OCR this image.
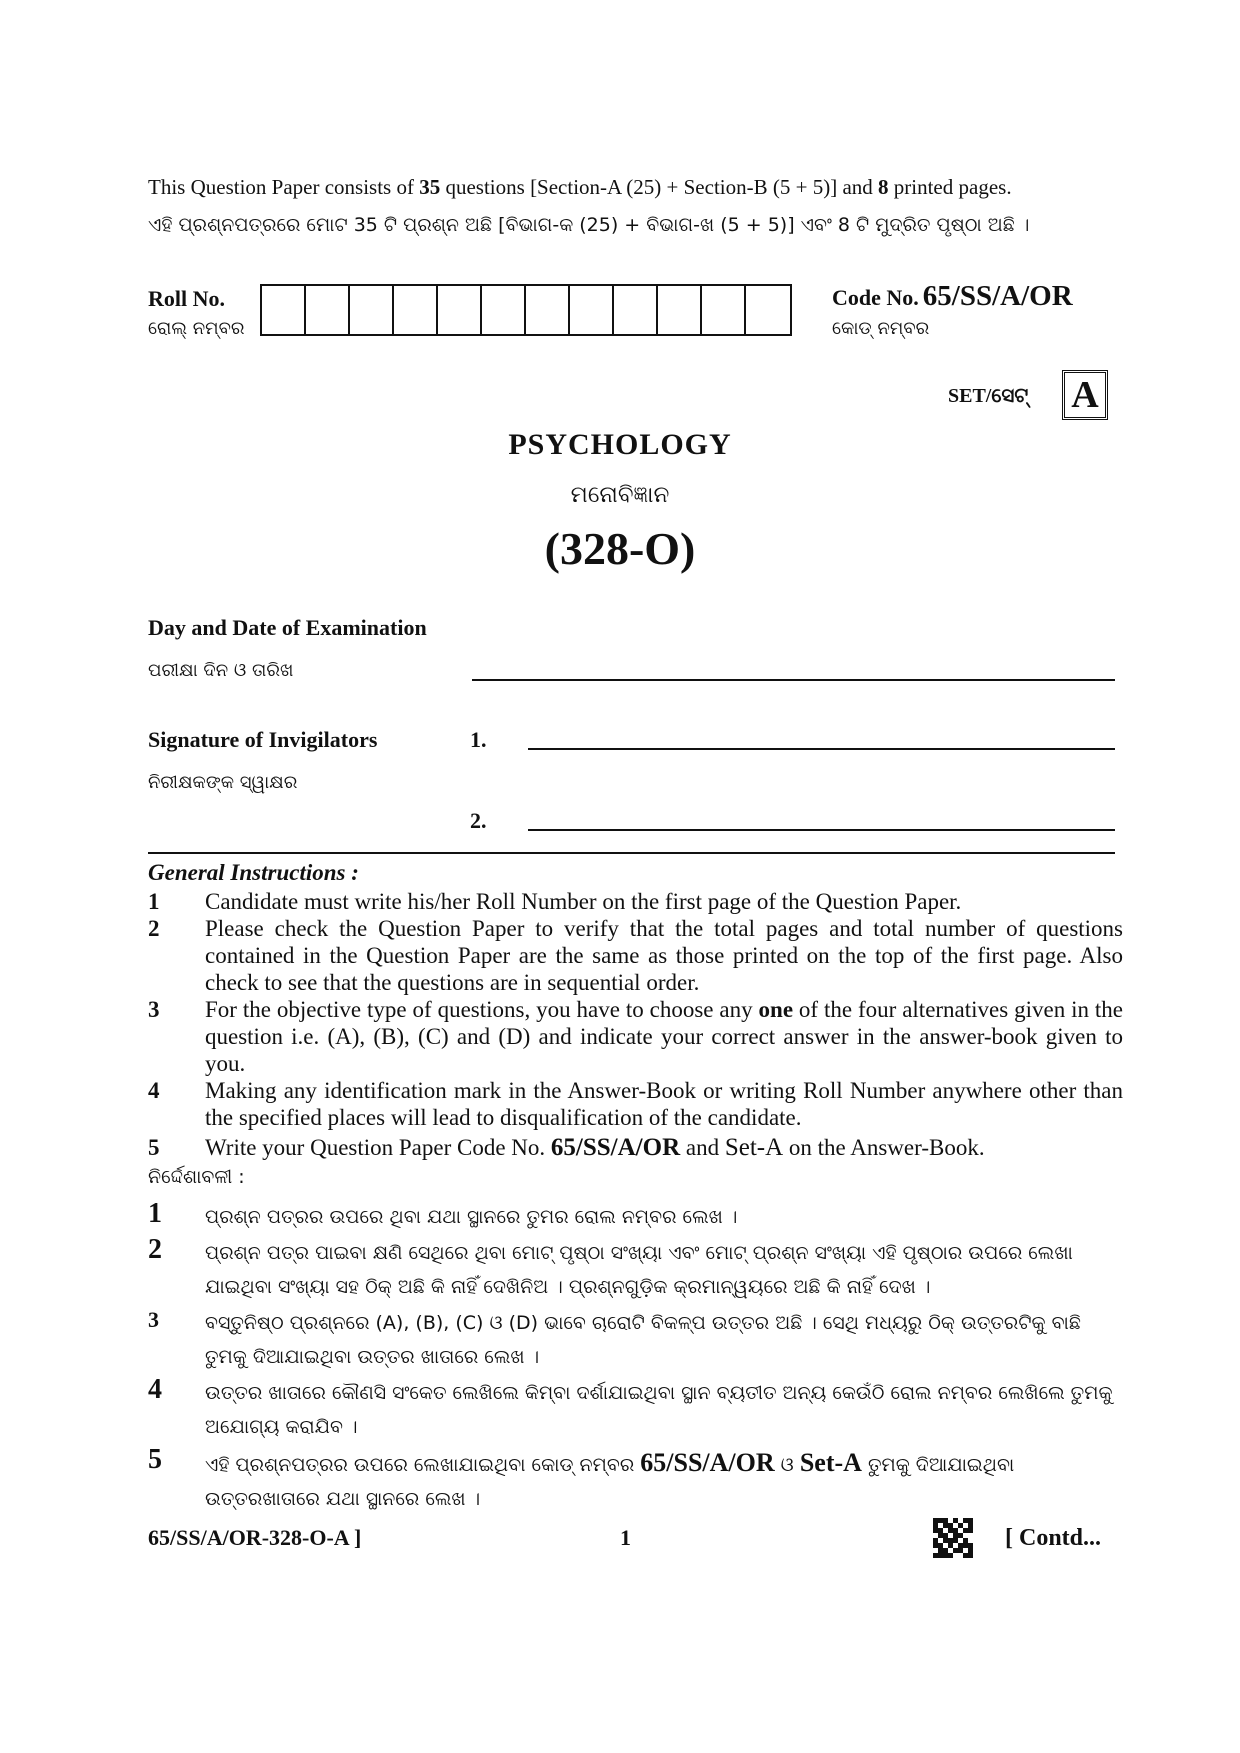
This Question Paper consists of 35 questions [Section-A (25) + Section-B (5 + 5)] and 8 printed pages.
ଏହି ପ୍ରଶ୍ନପତ୍ରରେ ମୋଟ 35 ଟି ପ୍ରଶ୍ନ ଅଛି [ବିଭାଗ-କ (25) + ବିଭାଗ-ଖ (5 + 5)] ଏବଂ 8 ଟି ମୁଦ୍ରିତ ପୃଷ୍ଠା ଅଛି ।
Roll No.
ରୋଲ୍ ନମ୍ବର
Code No. 65/SS/A/OR
କୋଡ୍ ନମ୍ବର
SET/ସେଟ୍ A
PSYCHOLOGY
ମନୋବିଜ୍ଞାନ
(328-O)
Day and Date of Examination
ପରୀକ୍ଷା ଦିନ ଓ ତାରିଖ
Signature of Invigilators	1.
ନିରୀକ୍ଷକଙ୍କ ସ୍ୱାକ୍ଷର
2.
General Instructions :
1 Candidate must write his/her Roll Number on the first page of the Question Paper.
2 Please check the Question Paper to verify that the total pages and total number of questions contained in the Question Paper are the same as those printed on the top of the first page. Also check to see that the questions are in sequential order.
3 For the objective type of questions, you have to choose any one of the four alternatives given in the question i.e. (A), (B), (C) and (D) and indicate your correct answer in the answer-book given to you.
4 Making any identification mark in the Answer-Book or writing Roll Number anywhere other than the specified places will lead to disqualification of the candidate.
5 Write your Question Paper Code No. 65/SS/A/OR and Set-A on the Answer-Book.
ନିର୍ଦ୍ଦେଶାବଳୀ :
1 ପ୍ରଶ୍ନ ପତ୍ରର ଉପରେ ଥିବା ଯଥା ସ୍ଥାନରେ ତୁମର ରୋଲ ନମ୍ବର ଲେଖ ।
2 ପ୍ରଶ୍ନ ପତ୍ର ପାଇବା କ୍ଷଣି ସେଥିରେ ଥିବା ମୋଟ୍ ପୃଷ୍ଠା ସଂଖ୍ୟା ଏବଂ ମୋଟ୍ ପ୍ରଶ୍ନ ସଂଖ୍ୟା ଏହି ପୃଷ୍ଠାର ଉପରେ ଲେଖା ଯାଇଥିବା ସଂଖ୍ୟା ସହ ଠିକ୍ ଅଛି କି ନାହିଁ ଦେଖିନିଅ । ପ୍ରଶ୍ନଗୁଡ଼ିକ କ୍ରମାନ୍ୱୟରେ ଅଛି କି ନାହିଁ ଦେଖ ।
3 ବସ୍ତୁନିଷ୍ଠ ପ୍ରଶ୍ନରେ (A), (B), (C) ଓ (D) ଭାବେ ଚାରୋଟି ବିକଳ୍ପ ଉତ୍ତର ଅଛି । ସେଥି ମଧ୍ୟରୁ ଠିକ୍ ଉତ୍ତରଟିକୁ ବାଛି ତୁମକୁ ଦିଆଯାଇଥିବା ଉତ୍ତର ଖାତାରେ ଲେଖ ।
4 ଉତ୍ତର ଖାତାରେ କୌଣସି ସଂକେତ ଲେଖିଲେ କିମ୍ବା ଦର୍ଶାଯାଇଥିବା ସ୍ଥାନ ବ୍ୟତୀତ ଅନ୍ୟ କେଉଁଠି ରୋଲ ନମ୍ବର ଲେଖିଲେ ତୁମକୁ ଅଯୋଗ୍ୟ କରାଯିବ ।
5 ଏହି ପ୍ରଶ୍ନପତ୍ରର ଉପରେ ଲେଖାଯାଇଥିବା କୋଡ୍ ନମ୍ବର 65/SS/A/OR ଓ Set-A ତୁମକୁ ଦିଆଯାଇଥିବା ଉତ୍ତରଖାତାରେ ଯଥା ସ୍ଥାନରେ ଲେଖ ।
65/SS/A/OR-328-O-A ]	1	[ Contd...
